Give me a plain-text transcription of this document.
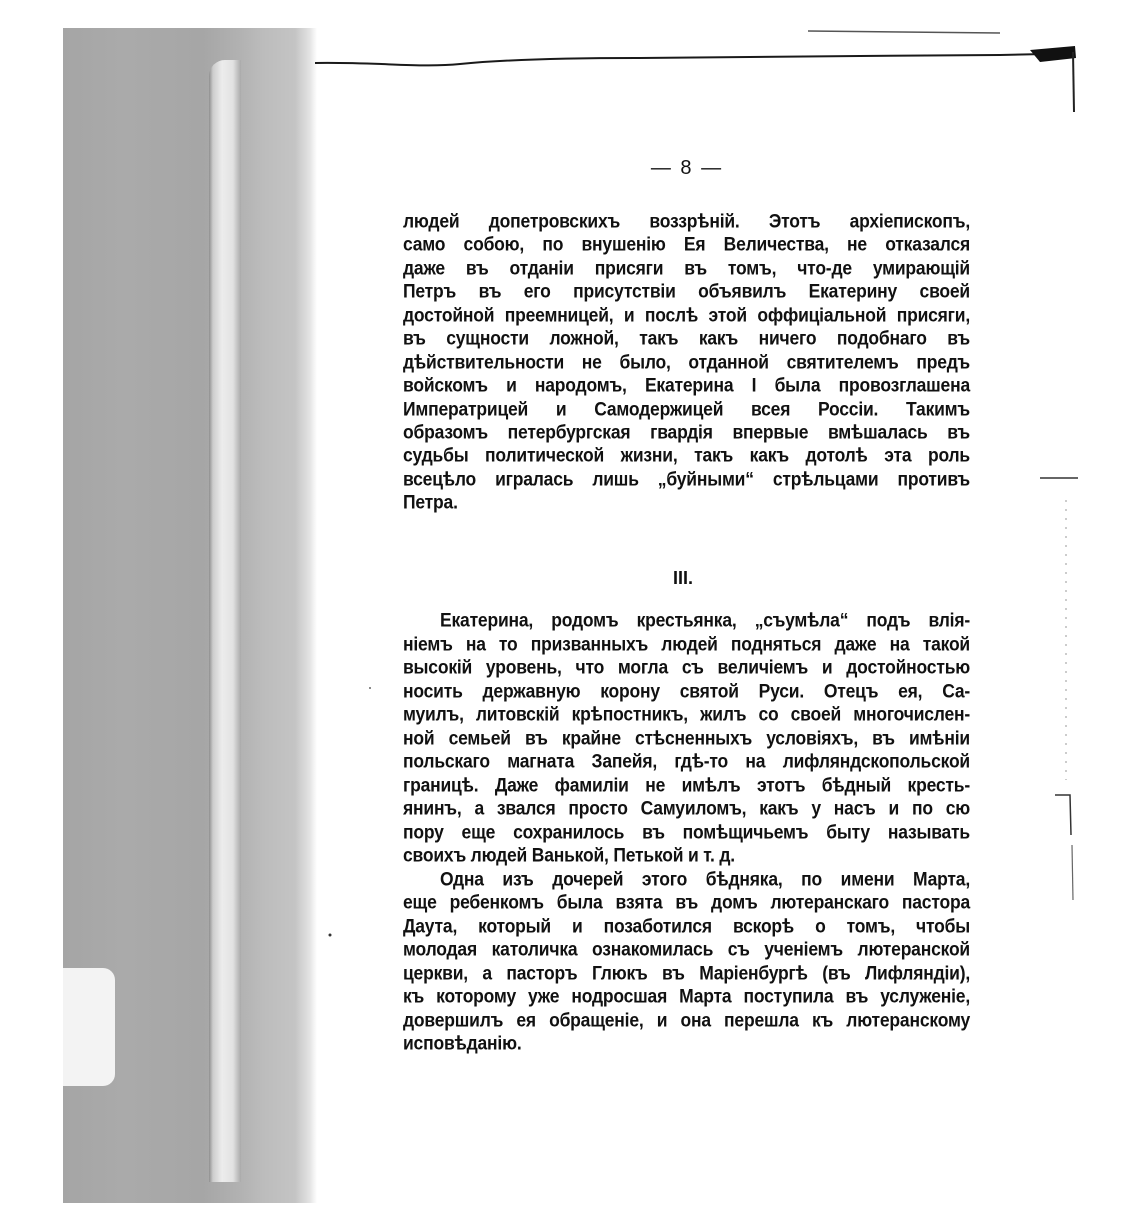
— 8 —
людей допетровскихъ воззрѣній. Этотъ архіепископъ,
само собою, по внушенію Ея Величества, не отказался
даже въ отданіи присяги въ томъ, что-де умирающій
Петръ въ его присутствіи объявилъ Екатерину своей
достойной преемницей, и послѣ этой оффиціальной присяги,
въ сущности ложной, такъ какъ ничего подобнаго въ
дѣйствительности не было, отданной святителемъ предъ
войскомъ и народомъ, Екатерина I была провозглашена
Императрицей и Самодержицей всея Россіи. Такимъ
образомъ петербургская гвардія впервые вмѣшалась въ
судьбы политической жизни, такъ какъ дотолѣ эта роль
всецѣло игралась лишь „буйными“ стрѣльцами противъ
Петра.
III.
Екатерина, родомъ крестьянка, „съумѣла“ подъ влія-
ніемъ на то призванныхъ людей подняться даже на такой
высокій уровень, что могла съ величіемъ и достойностью
носить державную корону святой Руси. Отецъ ея, Са-
муилъ, литовскій крѣпостникъ, жилъ со своей многочислен-
ной семьей въ крайне стѣсненныхъ условіяхъ, въ имѣніи
польскаго магната Запейя, гдѣ-то на лифляндскопольской
границѣ. Даже фамиліи не имѣлъ этотъ бѣдный кресть-
янинъ, а звался просто Самуиломъ, какъ у насъ и по сю
пору еще сохранилось въ помѣщичьемъ быту называть
своихъ людей Ванькой, Петькой и т. д.
Одна изъ дочерей этого бѣдняка, по имени Марта,
еще ребенкомъ была взята въ домъ лютеранскаго пастора
Даута, который и позаботился вскорѣ о томъ, чтобы
молодая католичка ознакомилась съ ученіемъ лютеранской
церкви, а пасторъ Глюкъ въ Маріенбургѣ (въ Лифляндіи),
къ которому уже нодросшая Марта поступила въ услуженіе,
довершилъ ея обращеніе, и она перешла къ лютеранскому
исповѣданію.
